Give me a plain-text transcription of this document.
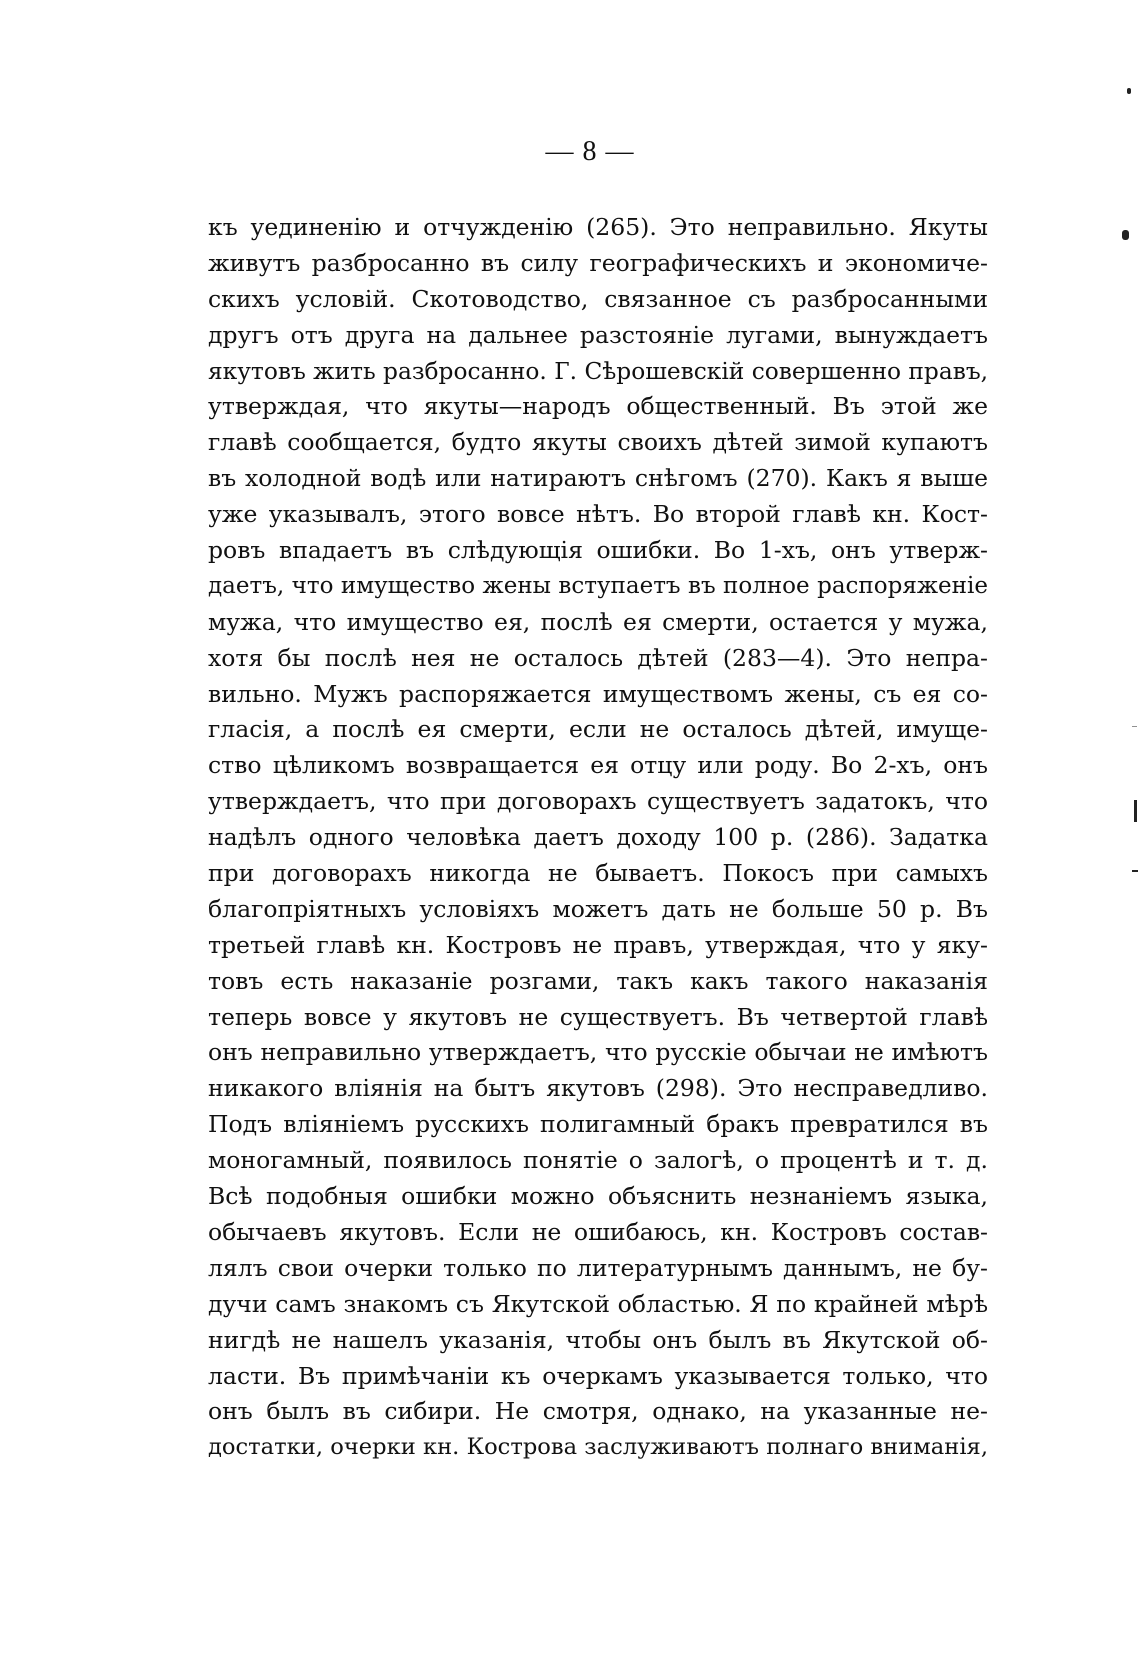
— 8 —
къ уединенію и отчужденію (265). Это неправильно. Якуты
живутъ разбросанно въ силу географическихъ и экономиче-
скихъ условій. Скотоводство, связанное съ разбросанными
другъ отъ друга на дальнее разстояніе лугами, вынуждаетъ
якутовъ жить разбросанно. Г. Сѣрошевскій совершенно правъ,
утверждая, что якуты—народъ общественный. Въ этой же
главѣ сообщается, будто якуты своихъ дѣтей зимой купаютъ
въ холодной водѣ или натираютъ снѣгомъ (270). Какъ я выше
уже указывалъ, этого вовсе нѣтъ. Во второй главѣ кн. Кост-
ровъ впадаетъ въ слѣдующія ошибки. Во 1-хъ, онъ утверж-
даетъ, что имущество жены вступаетъ въ полное распоряженіе
мужа, что имущество ея, послѣ ея смерти, остается у мужа,
хотя бы послѣ нея не осталось дѣтей (283—4). Это непра-
вильно. Мужъ распоряжается имуществомъ жены, съ ея со-
гласія, а послѣ ея смерти, если не осталось дѣтей, имуще-
ство цѣликомъ возвращается ея отцу или роду. Во 2-хъ, онъ
утверждаетъ, что при договорахъ существуетъ задатокъ, что
надѣлъ одного человѣка даетъ доходу 100 р. (286). Задатка
при договорахъ никогда не бываетъ. Покосъ при самыхъ
благопріятныхъ условіяхъ можетъ дать не больше 50 р. Въ
третьей главѣ кн. Костровъ не правъ, утверждая, что у яку-
товъ есть наказаніе розгами, такъ какъ такого наказанія
теперь вовсе у якутовъ не существуетъ. Въ четвертой главѣ
онъ неправильно утверждаетъ, что русскіе обычаи не имѣютъ
никакого вліянія на бытъ якутовъ (298). Это несправедливо.
Подъ вліяніемъ русскихъ полигамный бракъ превратился въ
моногамный, появилось понятіе о залогѣ, о процентѣ и т. д.
Всѣ подобныя ошибки можно объяснить незнаніемъ языка,
обычаевъ якутовъ. Если не ошибаюсь, кн. Костровъ состав-
лялъ свои очерки только по литературнымъ даннымъ, не бу-
дучи самъ знакомъ съ Якутской областью. Я по крайней мѣрѣ
нигдѣ не нашелъ указанія, чтобы онъ былъ въ Якутской об-
ласти. Въ примѣчаніи къ очеркамъ указывается только, что
онъ былъ въ сибири. Не смотря, однако, на указанные не-
достатки, очерки кн. Кострова заслуживаютъ полнаго вниманія,
